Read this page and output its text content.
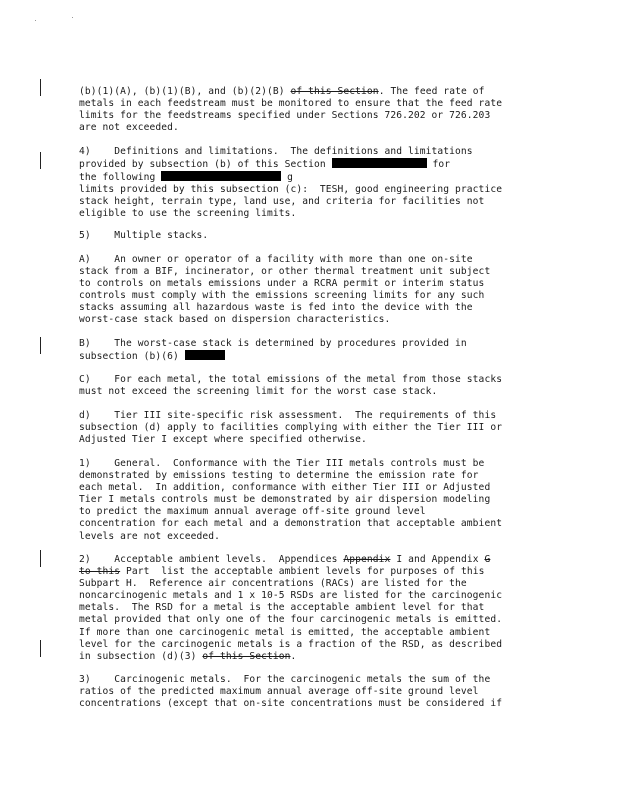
(b)(1)(A), (b)(1)(B), and (b)(2)(B) of this Section. The feed rate of
metals in each feedstream must be monitored to ensure that the feed rate
limits for the feedstreams specified under Sections 726.202 or 726.203
are not exceeded.
4)    Definitions and limitations.  The definitions and limitations
provided by subsection (b) of this Section	for
the following	g
limits provided by this subsection (c):  TESH, good engineering practice
stack height, terrain type, land use, and criteria for facilities not
eligible to use the screening limits.
5)    Multiple stacks.
A)    An owner or operator of a facility with more than one on-site
stack from a BIF, incinerator, or other thermal treatment unit subject
to controls on metals emissions under a RCRA permit or interim status
controls must comply with the emissions screening limits for any such
stacks assuming all hazardous waste is fed into the device with the
worst-case stack based on dispersion characteristics.
B)    The worst-case stack is determined by procedures provided in
subsection (b)(6)
C)    For each metal, the total emissions of the metal from those stacks
must not exceed the screening limit for the worst case stack.
d)    Tier III site-specific risk assessment.  The requirements of this
subsection (d) apply to facilities complying with either the Tier III or
Adjusted Tier I except where specified otherwise.
1)    General.  Conformance with the Tier III metals controls must be
demonstrated by emissions testing to determine the emission rate for
each metal.  In addition, conformance with either Tier III or Adjusted
Tier I metals controls must be demonstrated by air dispersion modeling
to predict the maximum annual average off-site ground level
concentration for each metal and a demonstration that acceptable ambient
levels are not exceeded.
2)    Acceptable ambient levels.  Appendices Appendix I and Appendix G
to this Part  list the acceptable ambient levels for purposes of this
Subpart H.  Reference air concentrations (RACs) are listed for the
noncarcinogenic metals and 1 x 10-5 RSDs are listed for the carcinogenic
metals.  The RSD for a metal is the acceptable ambient level for that
metal provided that only one of the four carcinogenic metals is emitted.
If more than one carcinogenic metal is emitted, the acceptable ambient
level for the carcinogenic metals is a fraction of the RSD, as described
in subsection (d)(3) of this Section.
3)    Carcinogenic metals.  For the carcinogenic metals the sum of the
ratios of the predicted maximum annual average off-site ground level
concentrations (except that on-site concentrations must be considered if
